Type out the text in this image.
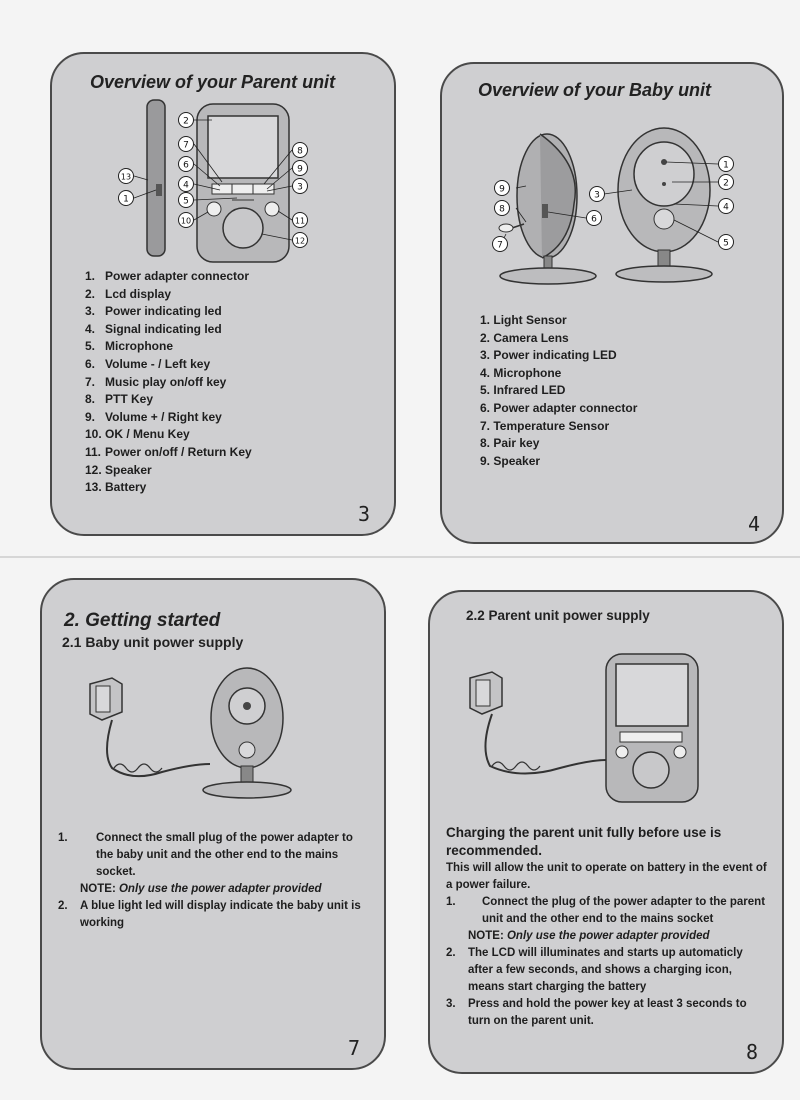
Overview of your Parent unit
2
7
6
4
5
10
13
1
8
9
3
11
12
1. Power adapter connector
2. Lcd display
3. Power indicating led
4. Signal indicating led
5. Microphone
6. Volume - / Left key
7. Music play on/off key
8. PTT Key
9. Volume + / Right key
10. OK / Menu Key
11. Power on/off / Return Key
12. Speaker
13. Battery
3
Overview of your Baby unit
1
2
4
5
3
6
9
8
7
1. Light Sensor
2. Camera Lens
3. Power indicating LED
4. Microphone
5. Infrared LED
6. Power adapter connector
7. Temperature Sensor
8. Pair key
9. Speaker
4
2. Getting started
2.1 Baby unit power supply
1.	Connect the small plug of the power adapter to the baby unit and the other end to the mains socket.

NOTE: Only use the power adapter provided

2.	A blue light led will display indicate the baby unit is working
7
2.2 Parent unit power supply

Charging the parent unit fully before use is recommended.

This will allow the unit to operate on battery in the event of a power failure.

1.	Connect the plug of the power adapter to the parent unit and the other end to the mains socket

NOTE: Only use the power adapter provided

2.	The LCD will illuminates and starts up automaticly after a few seconds, and shows a charging icon, means start charging the battery
3.	Press and hold the power key at least 3 seconds to turn on the parent unit.
8
